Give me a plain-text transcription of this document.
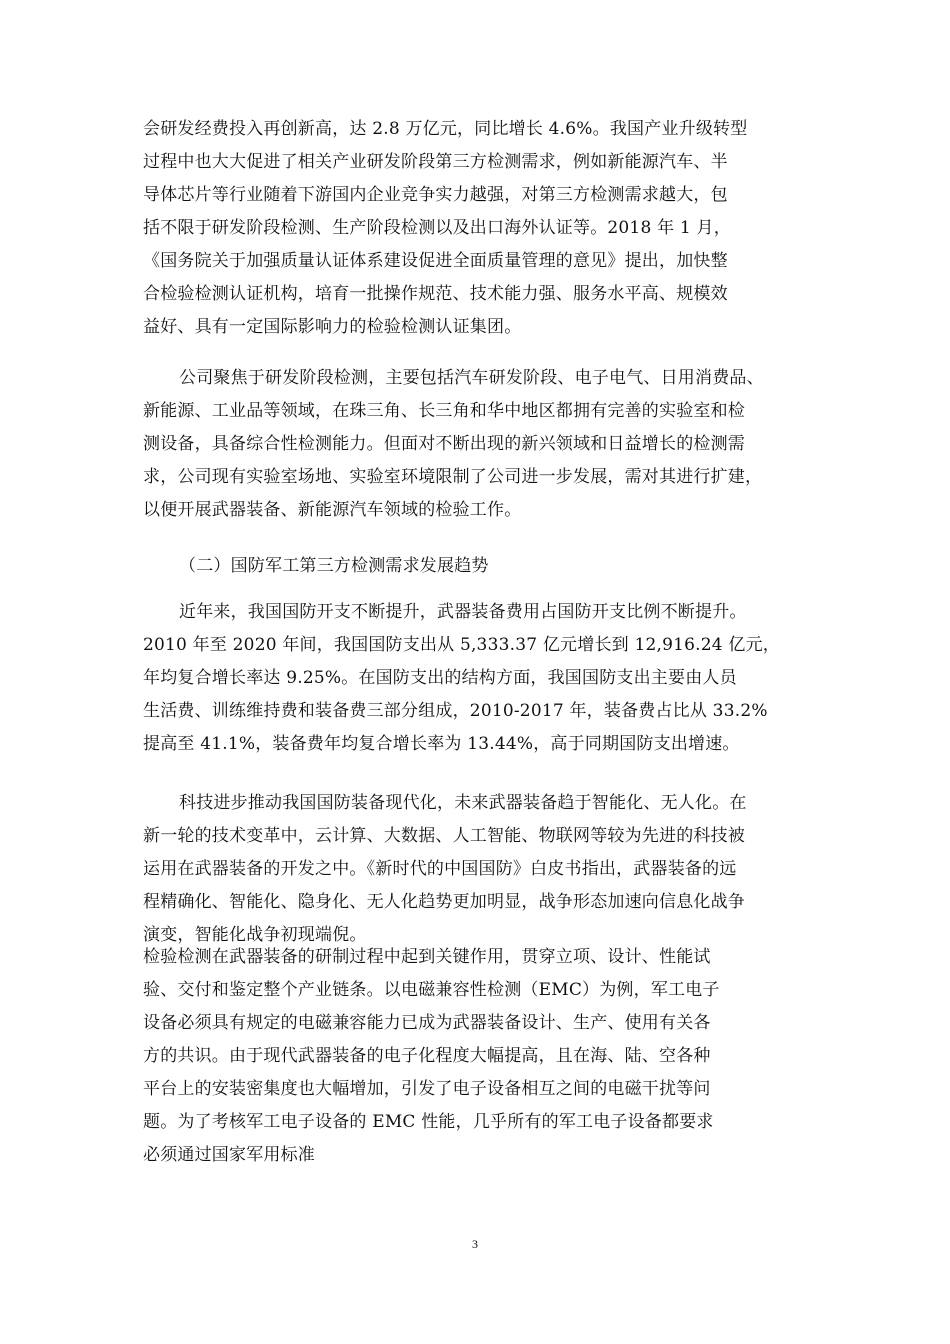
会研发经费投入再创新高，达 2.8 万亿元，同比增长 4.6%。我国产业升级转型
过程中也大大促进了相关产业研发阶段第三方检测需求，例如新能源汽车、半
导体芯片等行业随着下游国内企业竞争实力越强，对第三方检测需求越大，包
括不限于研发阶段检测、生产阶段检测以及出口海外认证等。2018 年 1 月，
《国务院关于加强质量认证体系建设促进全面质量管理的意见》提出，加快整
合检验检测认证机构，培育一批操作规范、技术能力强、服务水平高、规模效
益好、具有一定国际影响力的检验检测认证集团。
公司聚焦于研发阶段检测，主要包括汽车研发阶段、电子电气、日用消费品、
新能源、工业品等领域，在珠三角、长三角和华中地区都拥有完善的实验室和检
测设备，具备综合性检测能力。但面对不断出现的新兴领域和日益增长的检测需
求，公司现有实验室场地、实验室环境限制了公司进一步发展，需对其进行扩建，
以便开展武器装备、新能源汽车领域的检验工作。
（二）国防军工第三方检测需求发展趋势
近年来，我国国防开支不断提升，武器装备费用占国防开支比例不断提升。
2010 年至 2020 年间，我国国防支出从 5,333.37 亿元增长到 12,916.24 亿元，
年均复合增长率达 9.25%。在国防支出的结构方面，我国国防支出主要由人员
生活费、训练维持费和装备费三部分组成，2010-2017 年，装备费占比从 33.2%
提高至 41.1%，装备费年均复合增长率为 13.44%，高于同期国防支出增速。
科技进步推动我国国防装备现代化，未来武器装备趋于智能化、无人化。在
新一轮的技术变革中，云计算、大数据、人工智能、物联网等较为先进的科技被
运用在武器装备的开发之中。《新时代的中国国防》白皮书指出，武器装备的远
程精确化、智能化、隐身化、无人化趋势更加明显，战争形态加速向信息化战争
演变，智能化战争初现端倪。
检验检测在武器装备的研制过程中起到关键作用，贯穿立项、设计、性能试
验、交付和鉴定整个产业链条。以电磁兼容性检测（EMC）为例，军工电子
设备必须具有规定的电磁兼容能力已成为武器装备设计、生产、使用有关各
方的共识。由于现代武器装备的电子化程度大幅提高，且在海、陆、空各种
平台上的安装密集度也大幅增加，引发了电子设备相互之间的电磁干扰等问
题。为了考核军工电子设备的 EMC 性能，几乎所有的军工电子设备都要求
必须通过国家军用标准
3
